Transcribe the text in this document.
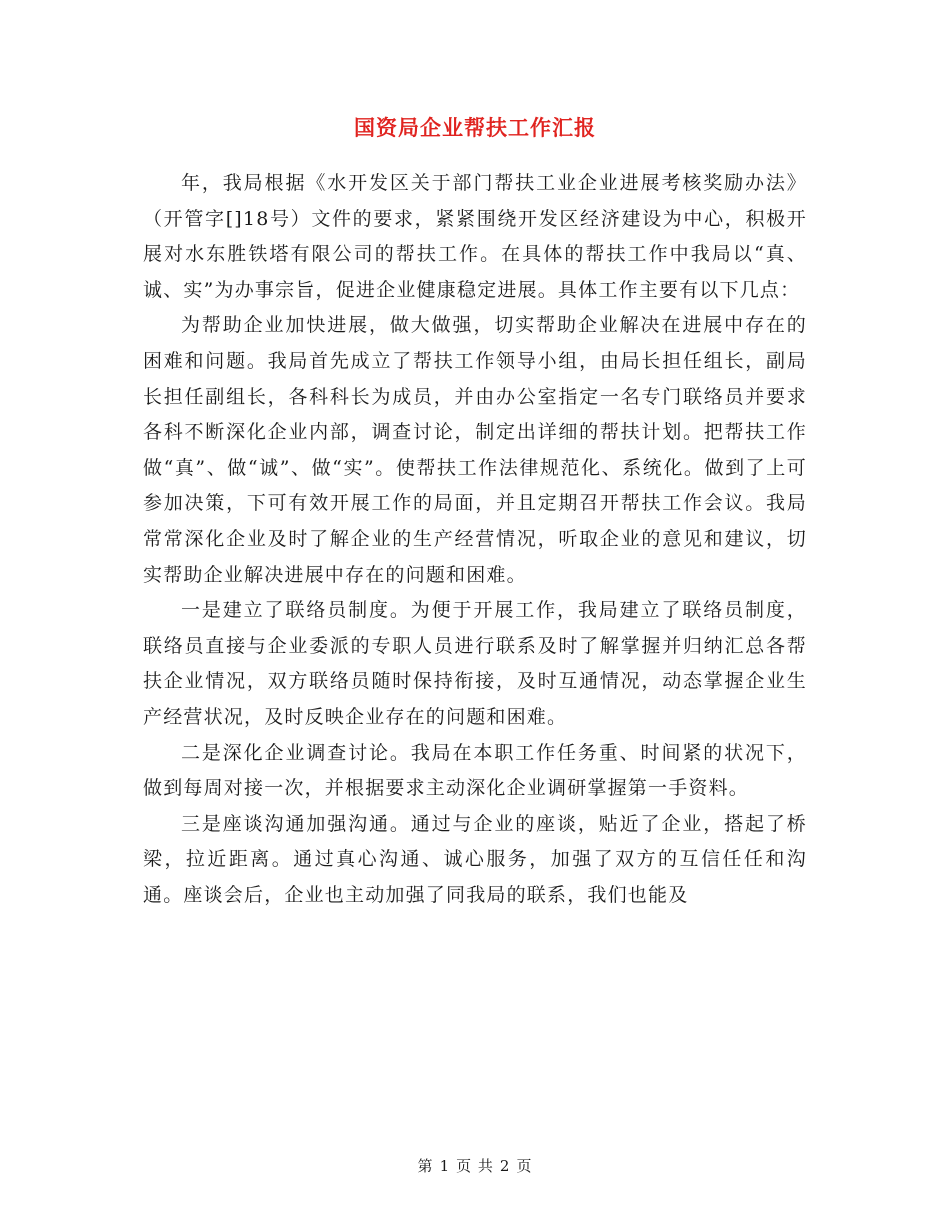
国资局企业帮扶工作汇报

年，我局根据《水开发区关于部门帮扶工业企业进展考核奖励办法》（开管字[]18号）文件的要求，紧紧围绕开发区经济建设为中心，积极开展对水东胜铁塔有限公司的帮扶工作。在具体的帮扶工作中我局以“真、诚、实”为办事宗旨，促进企业健康稳定进展。具体工作主要有以下几点：

为帮助企业加快进展，做大做强，切实帮助企业解决在进展中存在的困难和问题。我局首先成立了帮扶工作领导小组，由局长担任组长，副局长担任副组长，各科科长为成员，并由办公室指定一名专门联络员并要求各科不断深化企业内部，调查讨论，制定出详细的帮扶计划。把帮扶工作做“真”、做“诚”、做“实”。使帮扶工作法律规范化、系统化。做到了上可参加决策，下可有效开展工作的局面，并且定期召开帮扶工作会议。我局常常深化企业及时了解企业的生产经营情况，听取企业的意见和建议，切实帮助企业解决进展中存在的问题和困难。

一是建立了联络员制度。为便于开展工作，我局建立了联络员制度，联络员直接与企业委派的专职人员进行联系及时了解掌握并归纳汇总各帮扶企业情况，双方联络员随时保持衔接，及时互通情况，动态掌握企业生产经营状况，及时反映企业存在的问题和困难。

二是深化企业调查讨论。我局在本职工作任务重、时间紧的状况下，做到每周对接一次，并根据要求主动深化企业调研掌握第一手资料。

三是座谈沟通加强沟通。通过与企业的座谈，贴近了企业，搭起了桥梁，拉近距离。通过真心沟通、诚心服务，加强了双方的互信任任和沟通。座谈会后，企业也主动加强了同我局的联系，我们也能及

第 1 页 共 2 页
